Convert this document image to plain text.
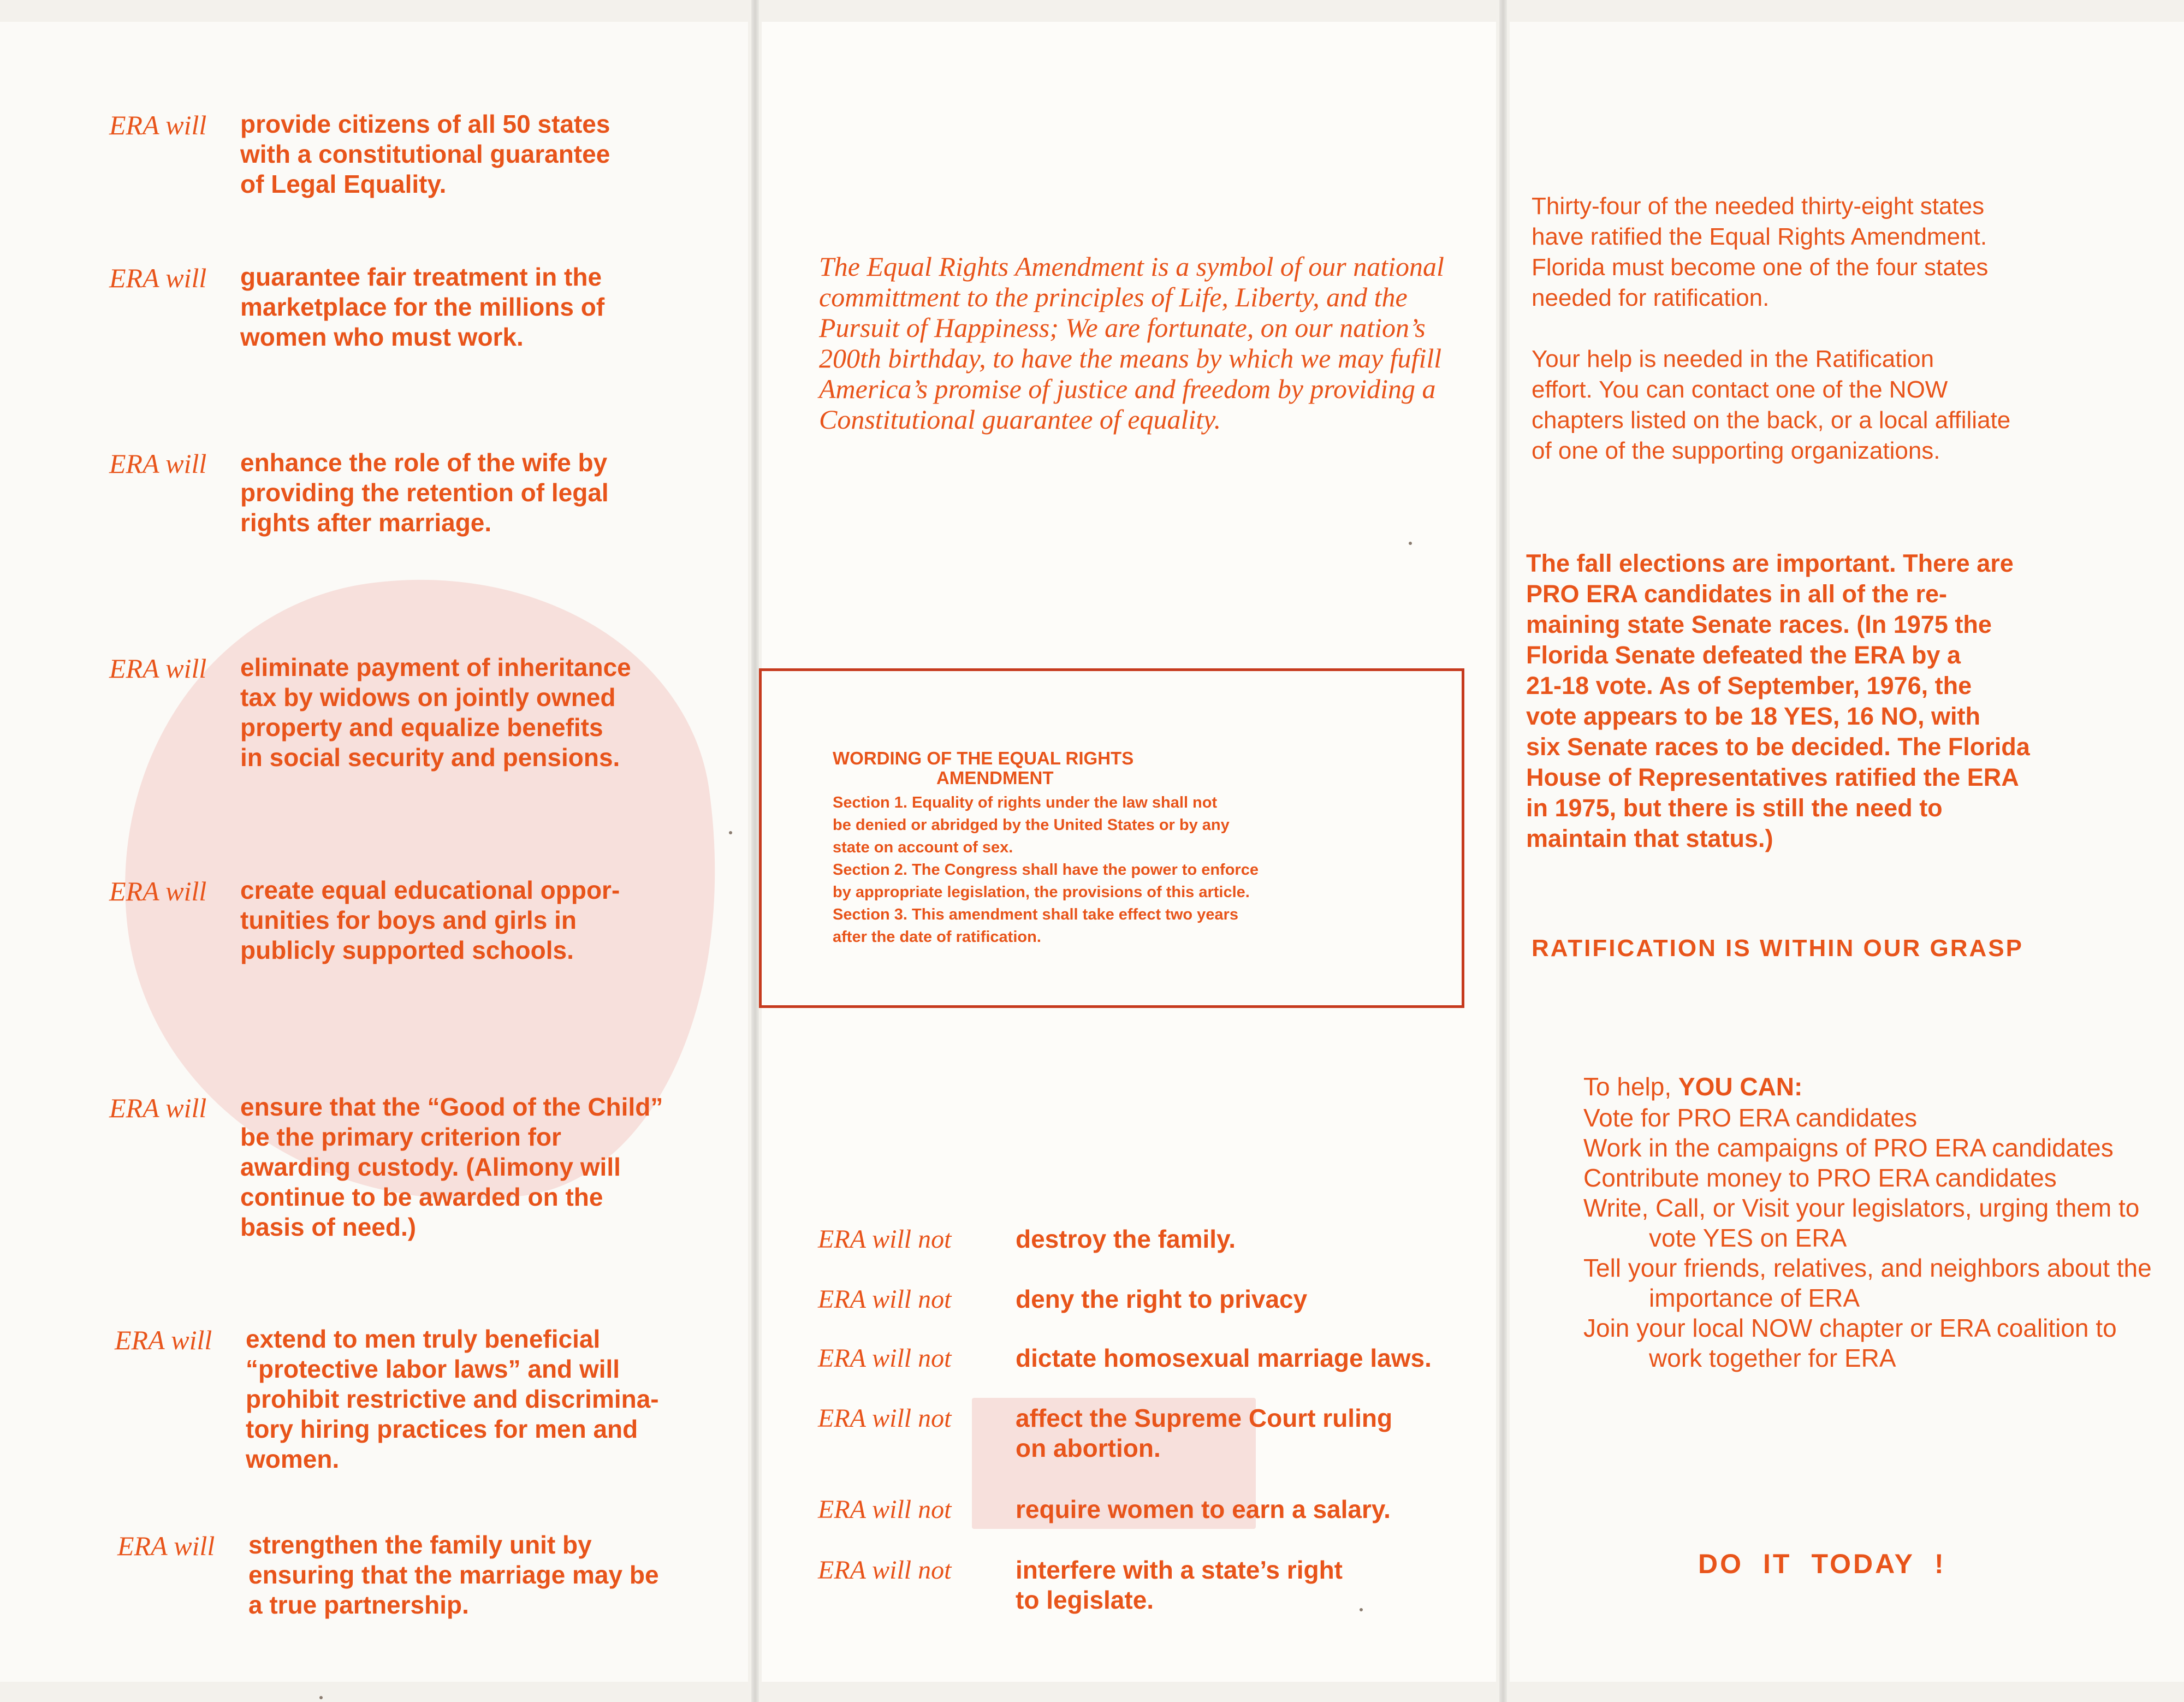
ERA will provide citizens of all 50 states
with a constitutional guarantee
of Legal Equality.
ERA will guarantee fair treatment in the
marketplace for the millions of
women who must work.
ERA will enhance the role of the wife by
providing the retention of legal
rights after marriage.
ERA will eliminate payment of inheritance
tax by widows on jointly owned
property and equalize benefits
in social security and pensions.
ERA will create equal educational oppor-
tunities for boys and girls in
publicly supported schools.
ERA will ensure that the “Good of the Child”
be the primary criterion for
awarding custody. (Alimony will
continue to be awarded on the
basis of need.)
ERA will extend to men truly beneficial
“protective labor laws” and will
prohibit restrictive and discrimina-
tory hiring practices for men and
women.
ERA will strengthen the family unit by
ensuring that the marriage may be
a true partnership.
The Equal Rights Amendment is a symbol of our national committment to the principles of Life, Liberty, and the Pursuit of Happiness; We are fortunate, on our nation’s 200th birthday, to have the means by which we may fufill America’s promise of justice and freedom by providing a Constitutional guarantee of equality.
WORDING OF THE EQUAL RIGHTS
AMENDMENT
Section 1. Equality of rights under the law shall not
be denied or abridged by the United States or by any
state on account of sex.
Section 2. The Congress shall have the power to enforce
by appropriate legislation, the provisions of this article.
Section 3. This amendment shall take effect two years
after the date of ratification.
ERA will not	destroy the family.
ERA will not	deny the right to privacy
ERA will not	dictate homosexual marriage laws.
ERA will not	affect the Supreme Court ruling
on abortion.
ERA will not	require women to earn a salary.
ERA will not	interfere with a state’s right
to legislate.
Thirty-four of the needed thirty-eight states
have ratified the Equal Rights Amendment.
Florida must become one of the four states
needed for ratification.
Your help is needed in the Ratification
effort. You can contact one of the NOW
chapters listed on the back, or a local affiliate
of one of the supporting organizations.
The fall elections are important. There are
PRO ERA candidates in all of the re-
maining state Senate races. (In 1975 the
Florida Senate defeated the ERA by a
21-18 vote. As of September, 1976, the
vote appears to be 18 YES, 16 NO, with
six Senate races to be decided. The Florida
House of Representatives ratified the ERA
in 1975, but there is still the need to
maintain that status.)
RATIFICATION IS WITHIN OUR GRASP
To help, YOU CAN:
Vote for PRO ERA candidates
Work in the campaigns of PRO ERA candidates
Contribute money to PRO ERA candidates
Write, Call, or Visit your legislators, urging them to vote YES on ERA
Tell your friends, relatives, and neighbors about the importance of ERA
Join your local NOW chapter or ERA coalition to work together for ERA
DO IT TODAY !
